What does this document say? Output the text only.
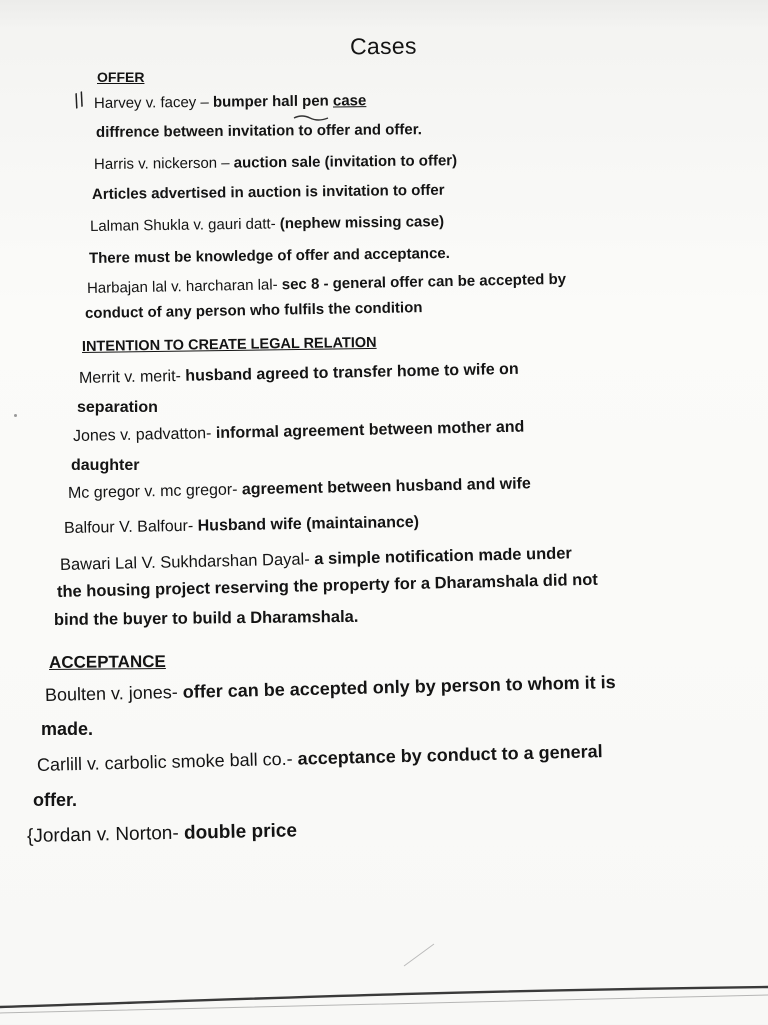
Cases
OFFER
// Harvey v. facey – bumper hall pen case
diffrence between invitation to offer and offer.
Harris v. nickerson – auction sale (invitation to offer)
Articles advertised in auction is invitation to offer
Lalman Shukla v. gauri datt- (nephew missing case)
There must be knowledge of offer and acceptance.
Harbajan lal v. harcharan lal- sec 8 - general offer can be accepted by
conduct of any person who fulfils the condition
INTENTION TO CREATE LEGAL RELATION
Merrit v. merit- husband agreed to transfer home to wife on
separation
Jones v. padvatton- informal agreement between mother and
daughter
Mc gregor v. mc gregor- agreement between husband and wife
Balfour V. Balfour- Husband wife (maintainance)
Bawari Lal V. Sukhdarshan Dayal- a simple notification made under
the housing project reserving the property for a Dharamshala did not
bind the buyer to build a Dharamshala.
ACCEPTANCE
Boulten v. jones- offer can be accepted only by person to whom it is
made.
Carlill v. carbolic smoke ball co.- acceptance by conduct to a general
offer.
{Jordan v. Norton- double price
